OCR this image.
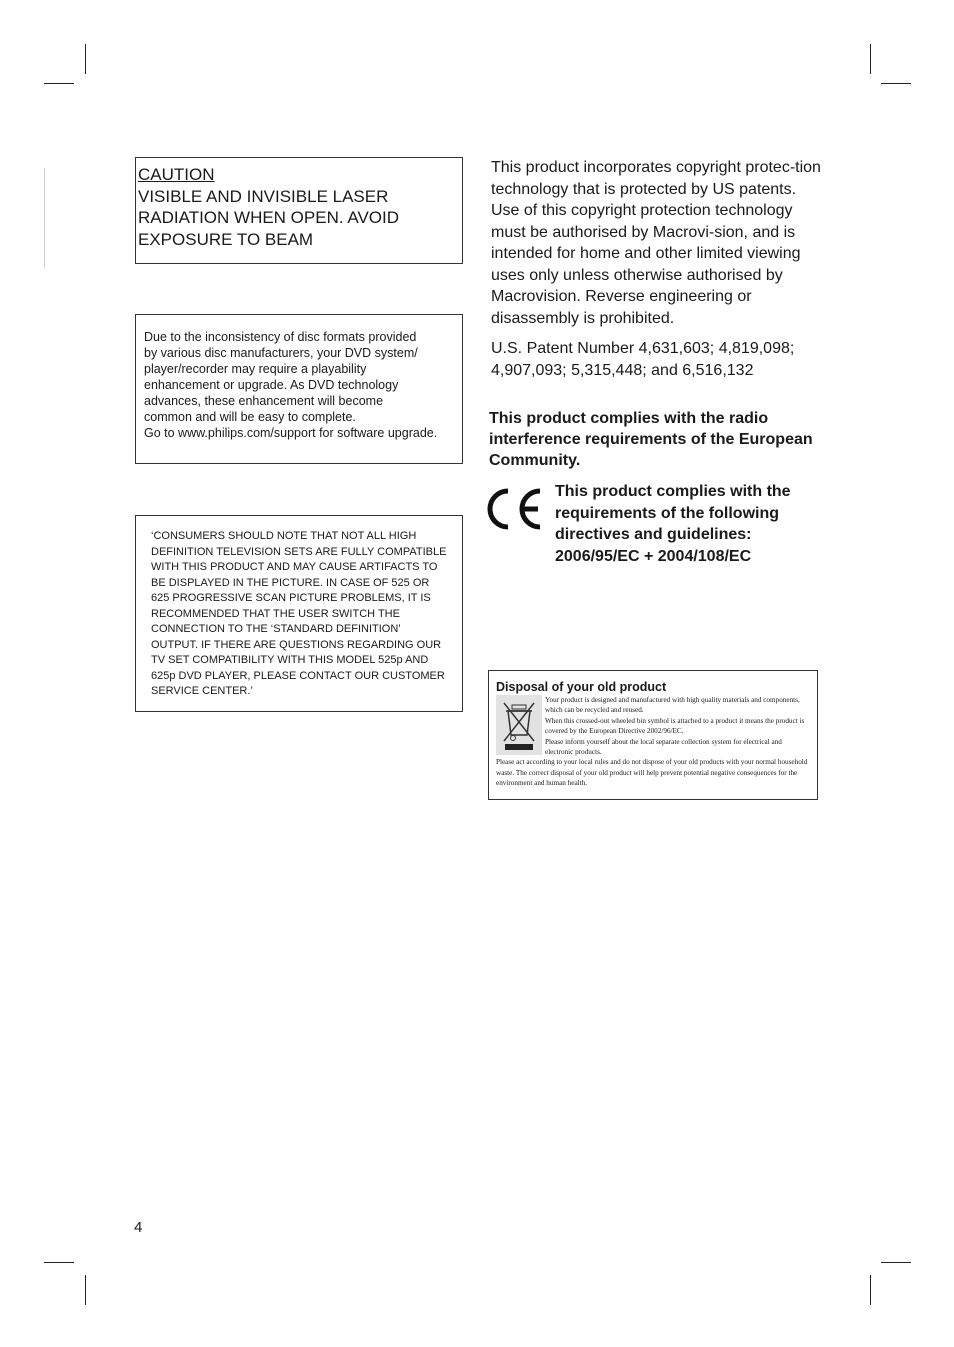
CAUTION

VISIBLE AND INVISIBLE LASER

RADIATION WHEN OPEN. AVOID

EXPOSURE TO BEAM

Due to the inconsistency of disc formats provided

by various disc manufacturers, your DVD system/

player/recorder may require a playability

enhancement or upgrade. As DVD technology

advances, these enhancement will become

common and will be easy to complete.

Go to www.philips.com/support for software upgrade.

‘CONSUMERS SHOULD NOTE THAT NOT ALL HIGH DEFINITION TELEVISION SETS ARE FULLY COMPATIBLE WITH THIS PRODUCT AND MAY CAUSE ARTIFACTS TO BE DISPLAYED IN THE PICTURE. IN CASE OF 525 OR 625 PROGRESSIVE SCAN PICTURE PROBLEMS, IT IS RECOMMENDED THAT THE USER SWITCH THE CONNECTION TO THE ‘STANDARD DEFINITION’ OUTPUT. IF THERE ARE QUESTIONS REGARDING OUR TV SET COMPATIBILITY WITH THIS MODEL 525p AND 625p DVD PLAYER, PLEASE CONTACT OUR CUSTOMER SERVICE CENTER.’

This product incorporates copyright protec-tion technology that is protected by US patents. Use of this copyright protection technology must be authorised by Macrovi-sion, and is intended for home and other limited viewing uses only unless otherwise authorised by Macrovision. Reverse engineering or disassembly is prohibited.

U.S. Patent Number 4,631,603; 4,819,098; 4,907,093; 5,315,448; and 6,516,132

This product complies with the radio interference requirements of the European Community.

This product complies with the requirements of the following directives and guidelines: 2006/95/EC + 2004/108/EC

Disposal of your old product

Your product is designed and manufactured with high quality materials and components, which can be recycled and reused.

When this crossed-out wheeled bin symbol is attached to a product it means the product is covered by the European Directive 2002/96/EC.

Please inform yourself about the local separate collection system for electrical and electronic products.

Please act according to your local rules and do not dispose of your old products with your normal household waste. The correct disposal of your old product will help prevent potential negative consequences for the environment and human health.

4
